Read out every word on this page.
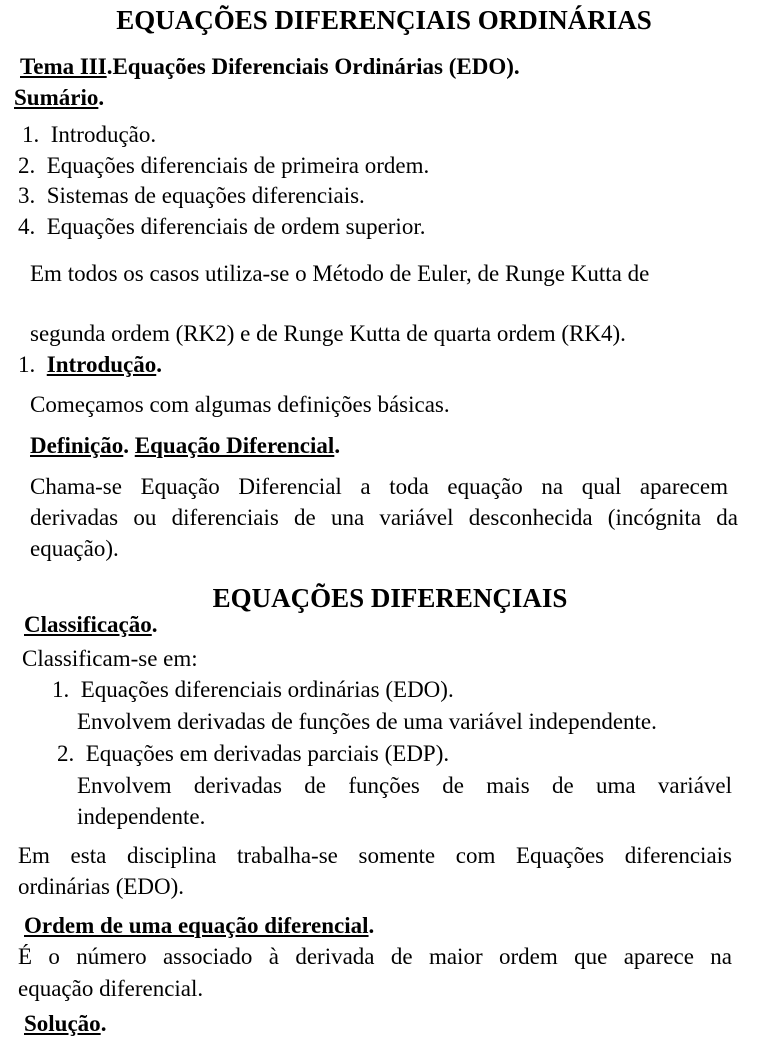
EQUAÇÕES DIFERENÇIAIS ORDINÁRIAS
Tema III.Equações Diferenciais Ordinárias (EDO).
Sumário.
1. Introdução.
2. Equações diferenciais de primeira ordem.
3. Sistemas de equações diferenciais.
4. Equações diferenciais de ordem superior.
Em todos os casos utiliza-se o Método de Euler, de Runge Kutta de
segunda ordem (RK2) e de Runge Kutta de quarta ordem (RK4).
1. Introdução.
Começamos com algumas definições básicas.
Definição. Equação Diferencial.
Chama-se Equação Diferencial a toda equação na qual aparecem
derivadas ou diferenciais de una variável desconhecida (incógnita da
equação).
EQUAÇÕES DIFERENÇIAIS
Classificação.
Classificam-se em:
1. Equações diferenciais ordinárias (EDO).
Envolvem derivadas de funções de uma variável independente.
2. Equações em derivadas parciais (EDP).
Envolvem derivadas de funções de mais de uma variável
independente.
Em esta disciplina trabalha-se somente com Equações diferenciais
ordinárias (EDO).
Ordem de uma equação diferencial.
É o número associado à derivada de maior ordem que aparece na
equação diferencial.
Solução.
